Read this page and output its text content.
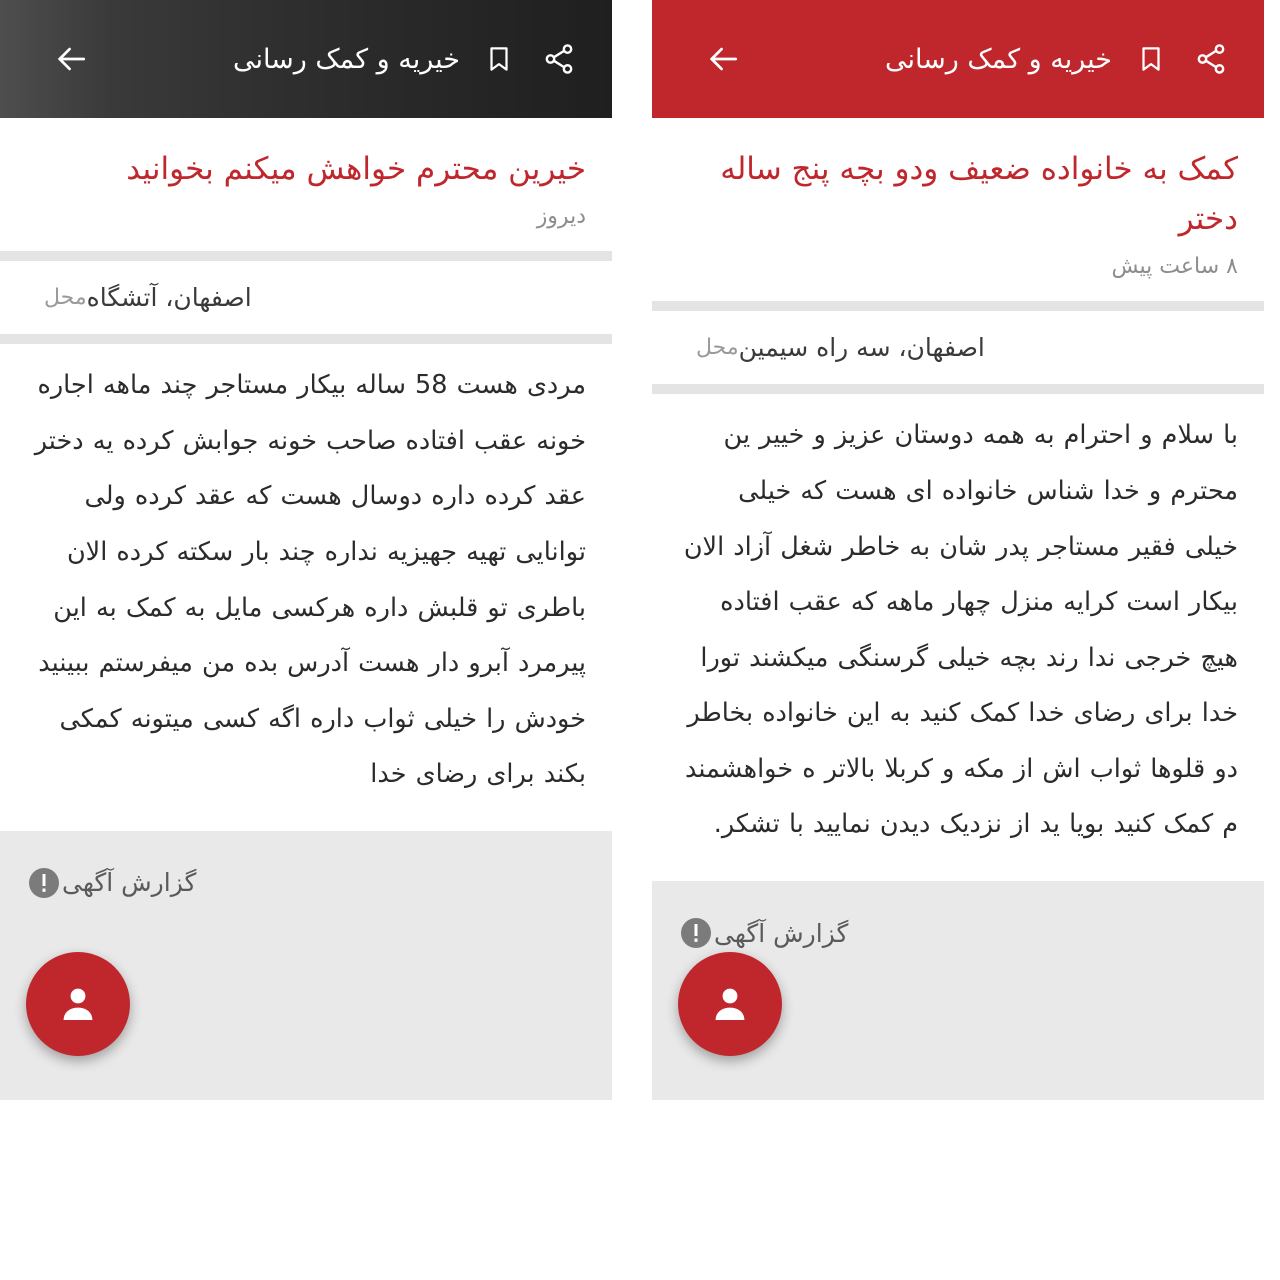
خیریه و کمک رسانی
خیرین محترم خواهش میکنم بخوانید
دیروز
محل اصفهان، آتشگاه
مردی هست 58 ساله بیکار مستاجر چند ماهه اجاره خونه عقب افتاده صاحب خونه جوابش کرده یه دختر عقد کرده داره دوسال هست که عقد کرده ولی توانایی تهیه جهیزیه نداره چند بار سکته کرده الان باطری تو قلبش داره هرکسی مایل به کمک به این پیرمرد آبرو دار هست آدرس بده من میفرستم ببینید خودش را خیلی ثواب داره اگه کسی میتونه کمکی بکند برای رضای خدا
گزارش آگهی
خیریه و کمک رسانی
کمک به خانواده ضعیف ودو بچه پنج ساله دختر
۸ ساعت پیش
محل اصفهان، سه راه سیمین
با سلام و احترام به همه دوستان عزیز و خییر ین محترم و خدا شناس خانواده ای هست که خیلی خیلی فقیر مستاجر پدر شان به خاطر شغل آزاد الان بیکار است کرایه منزل چهار ماهه که عقب افتاده هیچ خرجی ندا رند بچه خیلی گرسنگی میکشند تورا خدا برای رضای خدا کمک کنید به این خانواده بخاطر دو قلوها ثواب اش از مکه و کربلا بالاتر ه خواهشمند م کمک کنید بویا ید از نزدیک دیدن نمایید با تشکر.
گزارش آگهی
